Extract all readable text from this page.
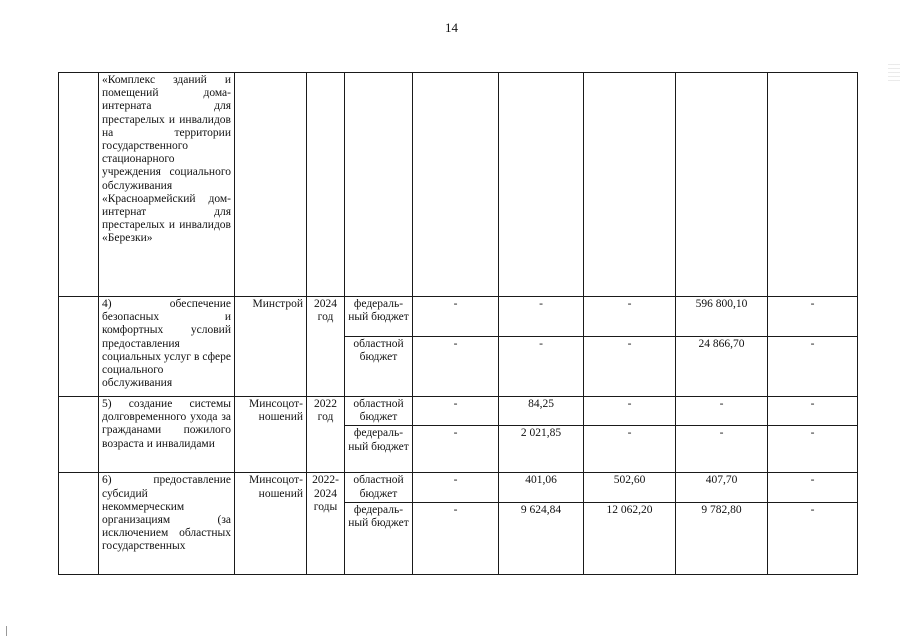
14
	«Комплекс зданий и помещений дома-интерната для престарелых и инвалидов на территории государственного стационарного учреждения социального обслуживания «Красноармейский дом-интернат для престарелых и инвалидов «Березки»								
	4) обеспечение безопасных и комфортных условий предоставления социальных услуг в сфере социального обслуживания	Минстрой	2024 год	федераль-ный бюджет	-	-	-	596 800,10	-
				областной бюджет	-	-	-	24 866,70	-
	5) создание системы долговременного ухода за гражданами пожилого возраста и инвалидами	Минсоцот-ношений	2022 год	областной бюджет	-	84,25	-	-	-
				федераль-ный бюджет	-	2 021,85	-	-	-
	6) предоставление субсидий некоммерческим организациям (за исключением областных государственных	Минсоцот-ношений	2022-2024 годы	областной бюджет	-	401,06	502,60	407,70	-
				федераль-ный бюджет	-	9 624,84	12 062,20	9 782,80	-
